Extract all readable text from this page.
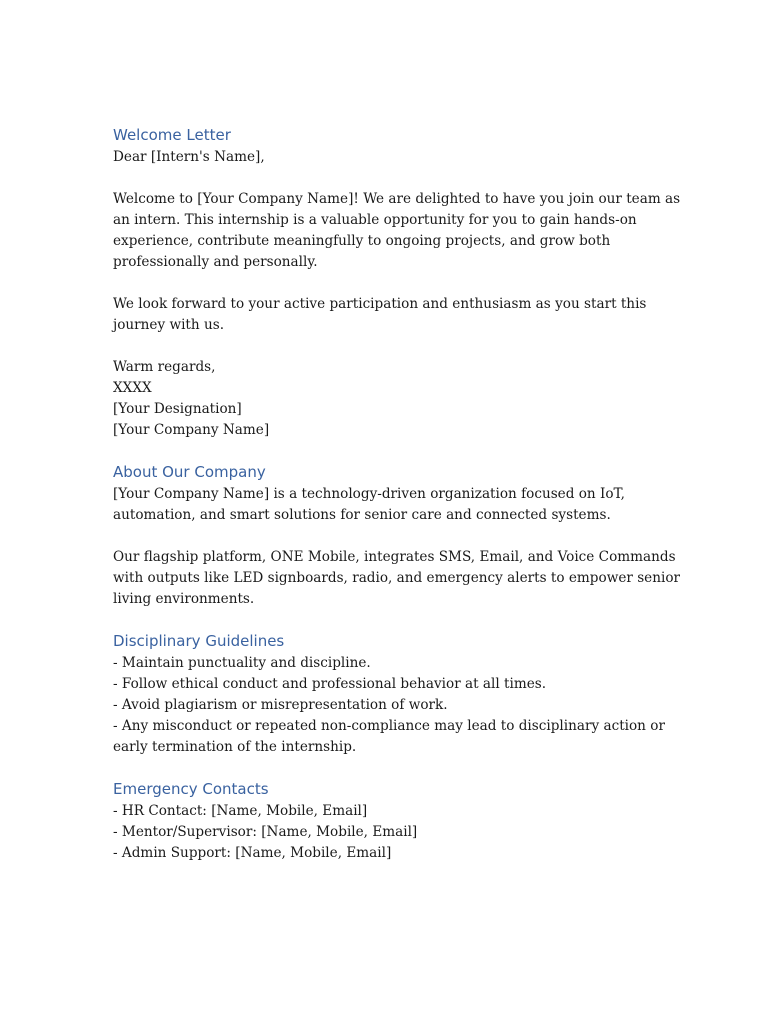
Welcome Letter
Dear [Intern's Name],
Welcome to [Your Company Name]! We are delighted to have you join our team as
an intern. This internship is a valuable opportunity for you to gain hands-on
experience, contribute meaningfully to ongoing projects, and grow both
professionally and personally.
We look forward to your active participation and enthusiasm as you start this
journey with us.
Warm regards,
XXXX
[Your Designation]
[Your Company Name]
About Our Company
[Your Company Name] is a technology-driven organization focused on IoT,
automation, and smart solutions for senior care and connected systems.
Our flagship platform, ONE Mobile, integrates SMS, Email, and Voice Commands
with outputs like LED signboards, radio, and emergency alerts to empower senior
living environments.
Disciplinary Guidelines
- Maintain punctuality and discipline.
- Follow ethical conduct and professional behavior at all times.
- Avoid plagiarism or misrepresentation of work.
- Any misconduct or repeated non-compliance may lead to disciplinary action or
early termination of the internship.
Emergency Contacts
- HR Contact: [Name, Mobile, Email]
- Mentor/Supervisor: [Name, Mobile, Email]
- Admin Support: [Name, Mobile, Email]
